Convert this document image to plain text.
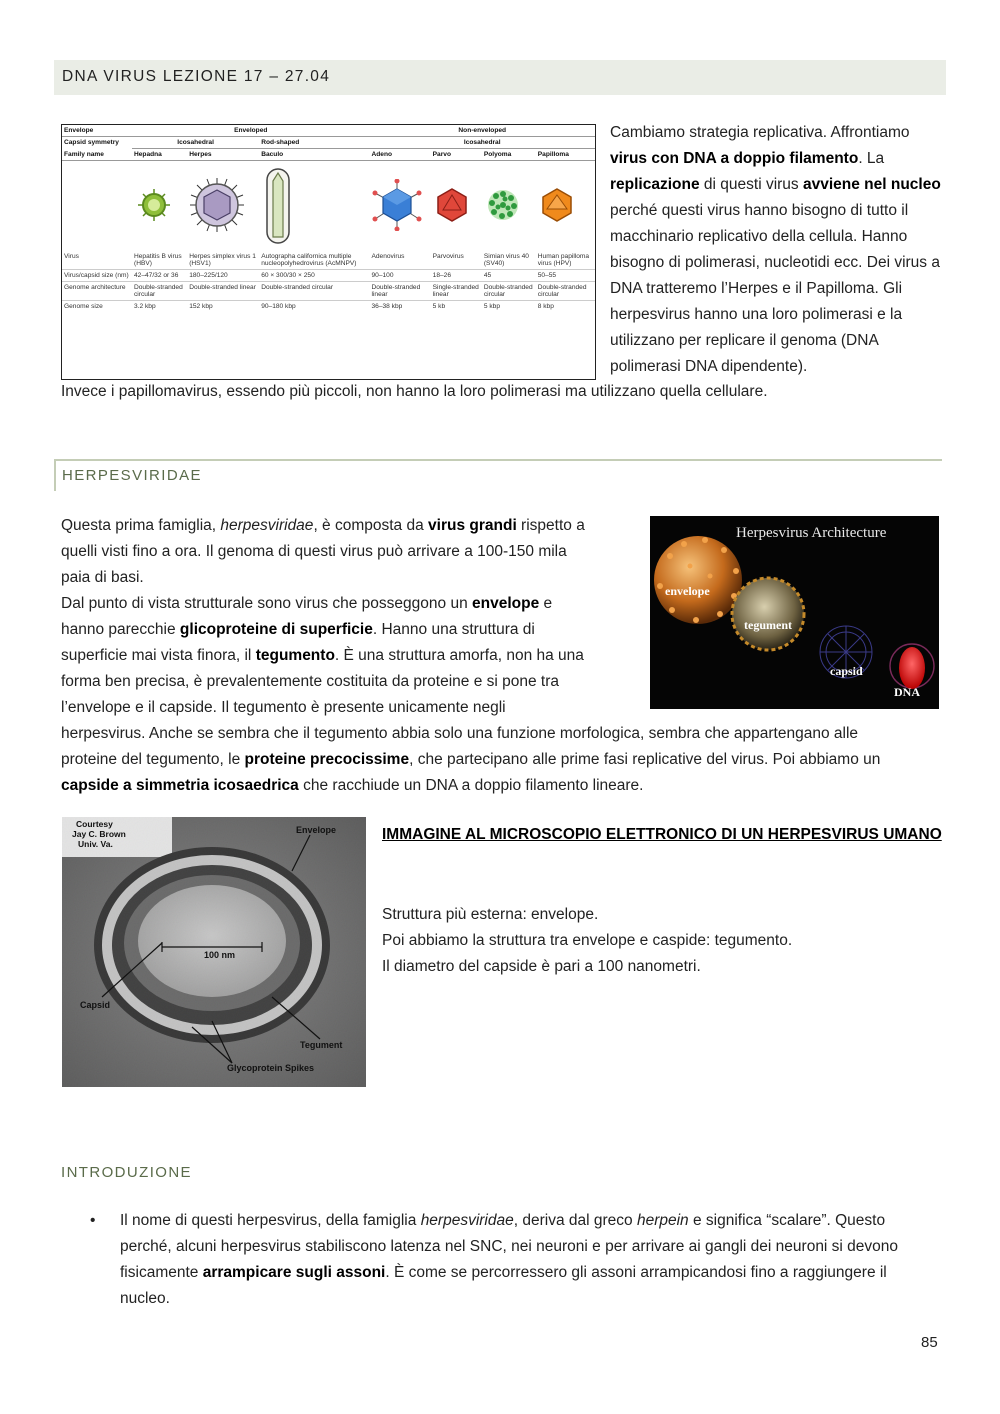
DNA VIRUS LEZIONE 17 – 27.04
Envelope	Enveloped			Non-enveloped			
Capsid symmetry	Icosahedral		Rod-shaped	Icosahedral			
Family name	Hepadna	Herpes	Baculo	Adeno	Parvo	Polyoma	Papilloma

Virus	Hepatitis B virus (HBV)	Herpes simplex virus 1 (HSV1)	Autographa californica multiple nucleopolyhedrovirus (AcMNPV)	Adenovirus	Parvovirus	Simian virus 40 (SV40)	Human papilloma virus (HPV)
Virus/capsid size (nm)	42–47/32 or 36	180–225/120	60 × 300/30 × 250	90–100	18–26	45	50–55
Genome architecture	Double-stranded circular	Double-stranded linear	Double-stranded circular	Double-stranded linear	Single-stranded linear	Double-stranded circular	Double-stranded circular
Genome size	3.2 kbp	152 kbp	90–180 kbp	36–38 kbp	5 kb	5 kbp	8 kbp
Cambiamo strategia replicativa. Affrontiamo virus con DNA a doppio filamento. La replicazione di questi virus avviene nel nucleo perché questi virus hanno bisogno di tutto il macchinario replicativo della cellula. Hanno bisogno di polimerasi, nucleotidi ecc. Dei virus a DNA tratteremo l’Herpes e il Papilloma. Gli herpesvirus hanno una loro polimerasi e la utilizzano per replicare il genoma (DNA polimerasi DNA dipendente).
Invece i papillomavirus, essendo più piccoli, non hanno la loro polimerasi ma utilizzano quella cellulare.
HERPESVIRIDAE
Questa prima famiglia, herpesviridae, è composta da virus grandi rispetto a
quelli visti fino a ora. Il genoma di questi virus può arrivare a 100-150 mila
paia di basi.
Dal punto di vista strutturale sono virus che posseggono un envelope e
hanno parecchie glicoproteine di superficie. Hanno una struttura di
superficie mai vista finora, il tegumento. È una struttura amorfa, non ha una
forma ben precisa, è prevalentemente costituita da proteine e si pone tra
l’envelope e il capside. Il tegumento è presente unicamente negli
herpesvirus. Anche se sembra che il tegumento abbia solo una funzione morfologica, sembra che appartengano alle
proteine del tegumento, le proteine precocissime, che partecipano alle prime fasi replicative del virus. Poi abbiamo un
capside a simmetria icosaedrica che racchiude un DNA a doppio filamento lineare.
Herpesvirus Architecture
envelope
tegument
capsid
DNA
Courtesy
Jay C. Brown
Univ. Va.
Envelope
100 nm
Capsid
Tegument
Glycoprotein Spikes
IMMAGINE AL MICROSCOPIO ELETTRONICO DI UN HERPESVIRUS UMANO
Struttura più esterna: envelope.
Poi abbiamo la struttura tra envelope e caspide: tegumento.
Il diametro del capside è pari a 100 nanometri.
INTRODUZIONE
• Il nome di questi herpesvirus, della famiglia herpesviridae, deriva dal greco herpein e significa “scalare”. Questo perché, alcuni herpesvirus stabiliscono latenza nel SNC, nei neuroni e per arrivare ai gangli dei neuroni si devono fisicamente arrampicare sugli assoni. È come se percorressero gli assoni arrampicandosi fino a raggiungere il nucleo.
85
